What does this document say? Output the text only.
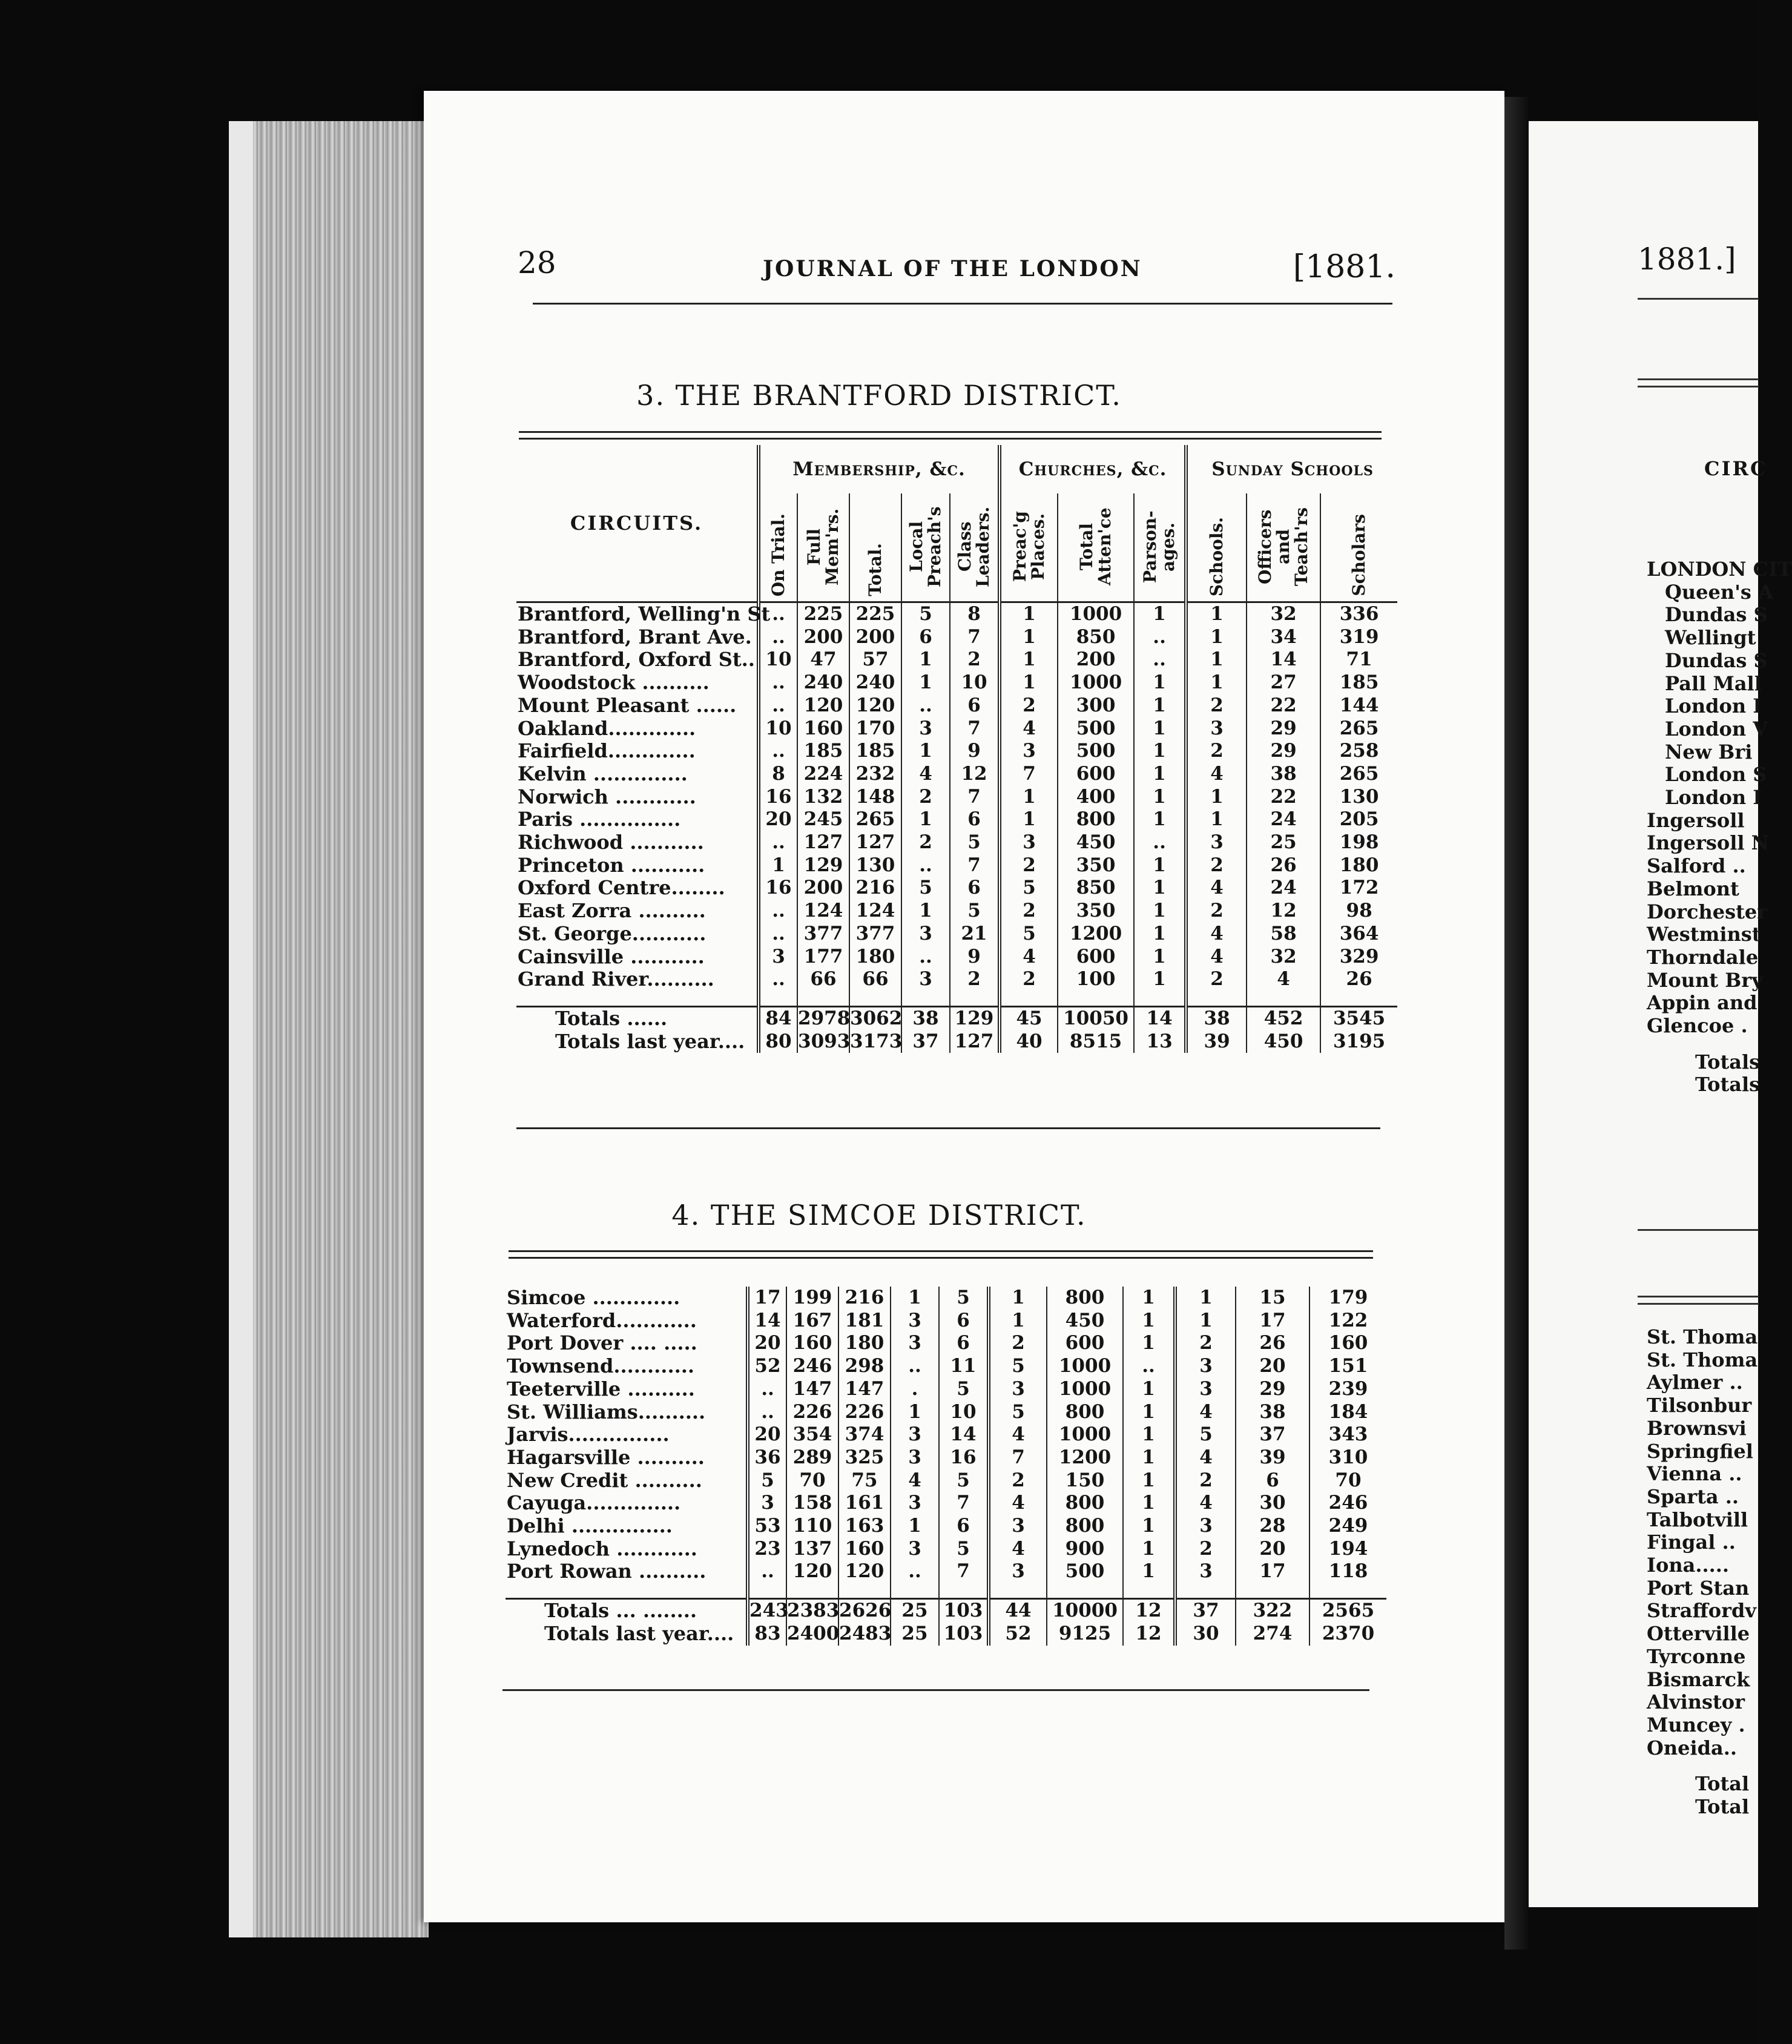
1881.]
CIRC
LONDON CIT
Queen's A
Dundas S
Wellingt
Dundas S
Pall Mall
London I
London V
New Bri
London S
London I
Ingersoll
Ingersoll N
Salford ..
Belmont
Dorchester
Westminst
Thorndale
Mount Bry
Appin and
Glencoe .
Totals
Totals
St. Thoma
St. Thoma
Aylmer ..
Tilsonbur
Brownsvi
Springfiel
Vienna ..
Sparta ..
Talbotvill
Fingal ..
Iona.....
Port Stan
Straffordv
Otterville
Tyrconne
Bismarck
Alvinstor
Muncey .
Oneida..
Total
Total
28	JOURNAL OF THE LONDON	[1881.
3. THE BRANTFORD DISTRICT.
CIRCUITS.	Membership, &c.					Churches, &c.			Sunday Schools		
	On Trial.	Full Mem'rs.	Total.	Local Preach's	Class Leaders.	Preac'g Places.	Total Atten'ce	Parson-ages.	Schools.	Officers and Teach'rs	Scholars
Brantford, Welling'n St	..	225	225	5	8	1	1000	1	1	32	336
Brantford, Brant Ave.	..	200	200	6	7	1	850	..	1	34	319
Brantford, Oxford St..	10	47	57	1	2	1	200	..	1	14	71
Woodstock ..........	..	240	240	1	10	1	1000	1	1	27	185
Mount Pleasant ......	..	120	120	..	6	2	300	1	2	22	144
Oakland.............	10	160	170	3	7	4	500	1	3	29	265
Fairfield.............	..	185	185	1	9	3	500	1	2	29	258
Kelvin ..............	8	224	232	4	12	7	600	1	4	38	265
Norwich ............	16	132	148	2	7	1	400	1	1	22	130
Paris ...............	20	245	265	1	6	1	800	1	1	24	205
Richwood ...........	..	127	127	2	5	3	450	..	3	25	198
Princeton ...........	1	129	130	..	7	2	350	1	2	26	180
Oxford Centre........	16	200	216	5	6	5	850	1	4	24	172
East Zorra ..........	..	124	124	1	5	2	350	1	2	12	98
St. George...........	..	377	377	3	21	5	1200	1	4	58	364
Cainsville ...........	3	177	180	..	9	4	600	1	4	32	329
Grand River..........	..	66	66	3	2	2	100	1	2	4	26

Totals ......	84	2978	3062	38	129	45	10050	14	38	452	3545
Totals last year....	80	3093	3173	37	127	40	8515	13	39	450	3195
4. THE SIMCOE DISTRICT.
Simcoe .............	17	199	216	1	5	1	800	1	1	15	179
Waterford............	14	167	181	3	6	1	450	1	1	17	122
Port Dover .... .....	20	160	180	3	6	2	600	1	2	26	160
Townsend............	52	246	298	..	11	5	1000	..	3	20	151
Teeterville ..........	..	147	147	.	5	3	1000	1	3	29	239
St. Williams..........	..	226	226	1	10	5	800	1	4	38	184
Jarvis...............	20	354	374	3	14	4	1000	1	5	37	343
Hagarsville ..........	36	289	325	3	16	7	1200	1	4	39	310
New Credit ..........	5	70	75	4	5	2	150	1	2	6	70
Cayuga..............	3	158	161	3	7	4	800	1	4	30	246
Delhi ...............	53	110	163	1	6	3	800	1	3	28	249
Lynedoch ............	23	137	160	3	5	4	900	1	2	20	194
Port Rowan ..........	..	120	120	..	7	3	500	1	3	17	118

Totals ... ........	243	2383	2626	25	103	44	10000	12	37	322	2565
Totals last year....	83	2400	2483	25	103	52	9125	12	30	274	2370
